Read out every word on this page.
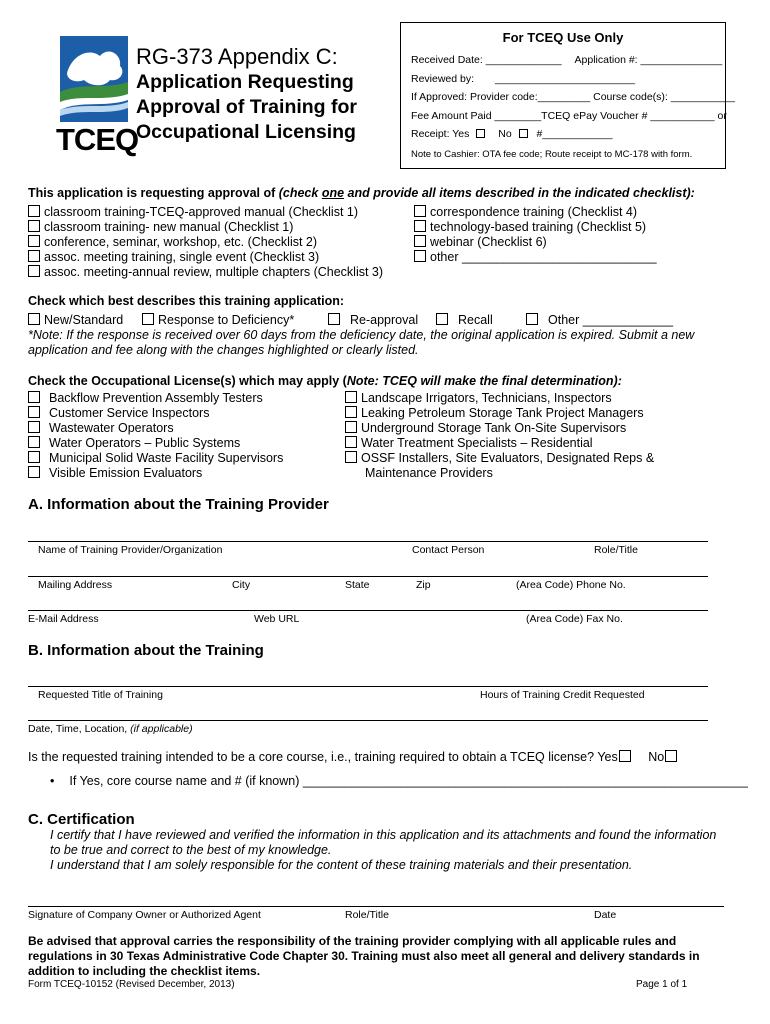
TCEQ
RG-373 Appendix C:
Application Requesting
Approval of Training for
Occupational Licensing
For TCEQ Use Only
Received Date: _____________ Application #: ______________
Reviewed by: ________________________
If Approved: Provider code:_________ Course code(s): ___________
Fee Amount Paid ________TCEQ ePay Voucher # ___________ or
Receipt: Yes	No #____________
Note to Cashier: OTA fee code; Route receipt to MC-178 with form.
This application is requesting approval of (check one and provide all items described in the indicated checklist):
classroom training-TCEQ-approved manual (Checklist 1)
classroom training- new manual (Checklist 1)
conference, seminar, workshop, etc. (Checklist 2)
assoc. meeting training, single event (Checklist 3)
assoc. meeting-annual review, multiple chapters (Checklist 3)
correspondence training (Checklist 4)
technology-based training (Checklist 5)
webinar (Checklist 6)
other ____________________________
Check which best describes this training application:
New/Standard	Response to Deficiency*	Re-approval	Recall	Other _____________
*Note: If the response is received over 60 days from the deficiency date, the original application is expired. Submit a new application and fee along with the changes highlighted or clearly listed.
Check the Occupational License(s) which may apply (Note: TCEQ will make the final determination):
Backflow Prevention Assembly Testers
Customer Service Inspectors
Wastewater Operators
Water Operators – Public Systems
Municipal Solid Waste Facility Supervisors
Visible Emission Evaluators
Landscape Irrigators, Technicians, Inspectors
Leaking Petroleum Storage Tank Project Managers
Underground Storage Tank On-Site Supervisors
Water Treatment Specialists – Residential
OSSF Installers, Site Evaluators, Designated Reps &
Maintenance Providers
A. Information about the Training Provider
Name of Training Provider/Organization	Contact Person	Role/Title
Mailing Address	City	State	Zip	(Area Code) Phone No.
E-Mail Address	Web URL	(Area Code) Fax No.
B. Information about the Training
Requested Title of Training	Hours of Training Credit Requested
Date, Time, Location, (if applicable)
Is the requested training intended to be a core course, i.e., training required to obtain a TCEQ license? Yes No
• If Yes, core course name and # (if known) ________________________________________________________________
C. Certification
I certify that I have reviewed and verified the information in this application and its attachments and found the information to be true and correct to the best of my knowledge.
I understand that I am solely responsible for the content of these training materials and their presentation.
Signature of Company Owner or Authorized Agent	Role/Title	Date
Be advised that approval carries the responsibility of the training provider complying with all applicable rules and regulations in 30 Texas Administrative Code Chapter 30. Training must also meet all general and delivery standards in addition to including the checklist items.
Form TCEQ-10152 (Revised December, 2013)	Page 1 of 1
